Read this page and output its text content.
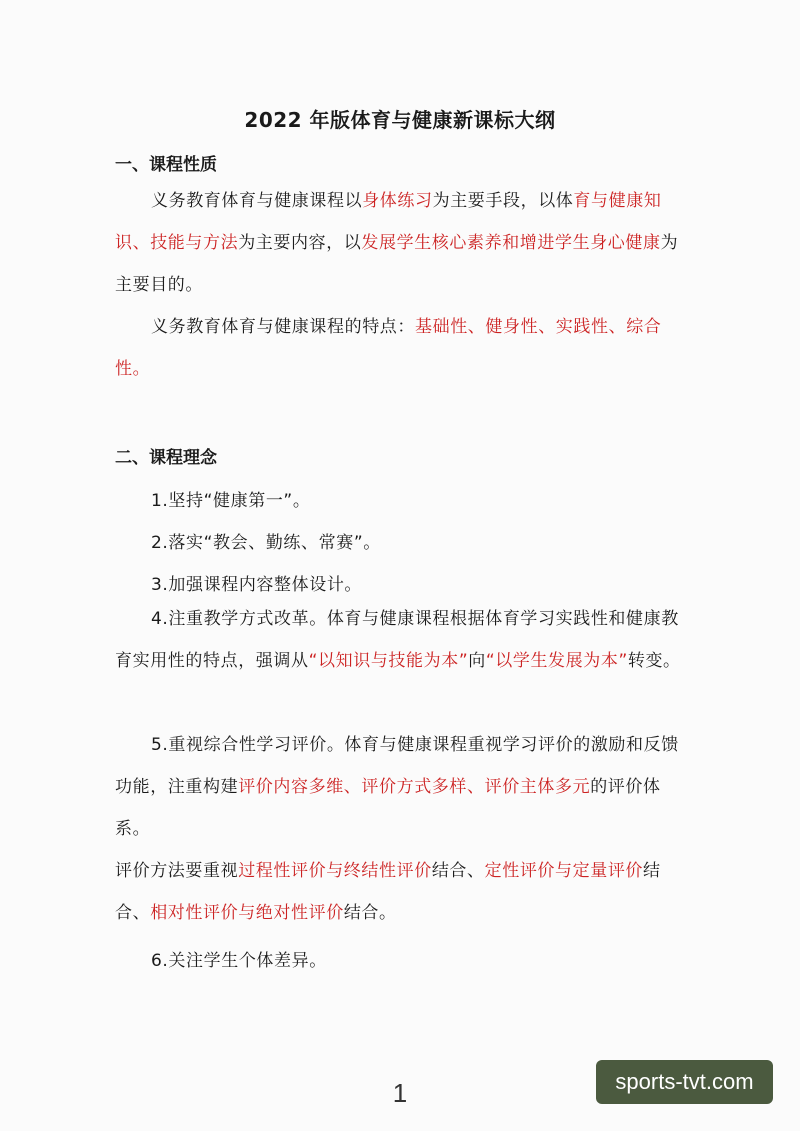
2022 年版体育与健康新课标大纲
一、课程性质
义务教育体育与健康课程以身体练习为主要手段，以体育与健康知识、技能与方法为主要内容，以发展学生核心素养和增进学生身心健康为主要目的。
义务教育体育与健康课程的特点：基础性、健身性、实践性、综合性。
二、课程理念
1.坚持“健康第一”。
2.落实“教会、勤练、常赛”。
3.加强课程内容整体设计。
4.注重教学方式改革。体育与健康课程根据体育学习实践性和健康教育实用性的特点，强调从“以知识与技能为本”向“以学生发展为本”转变。
5.重视综合性学习评价。体育与健康课程重视学习评价的激励和反馈功能，注重构建评价内容多维、评价方式多样、评价主体多元的评价体系。
评价方法要重视过程性评价与终结性评价结合、定性评价与定量评价结合、相对性评价与绝对性评价结合。
6.关注学生个体差异。
1	sports-tvt.com
